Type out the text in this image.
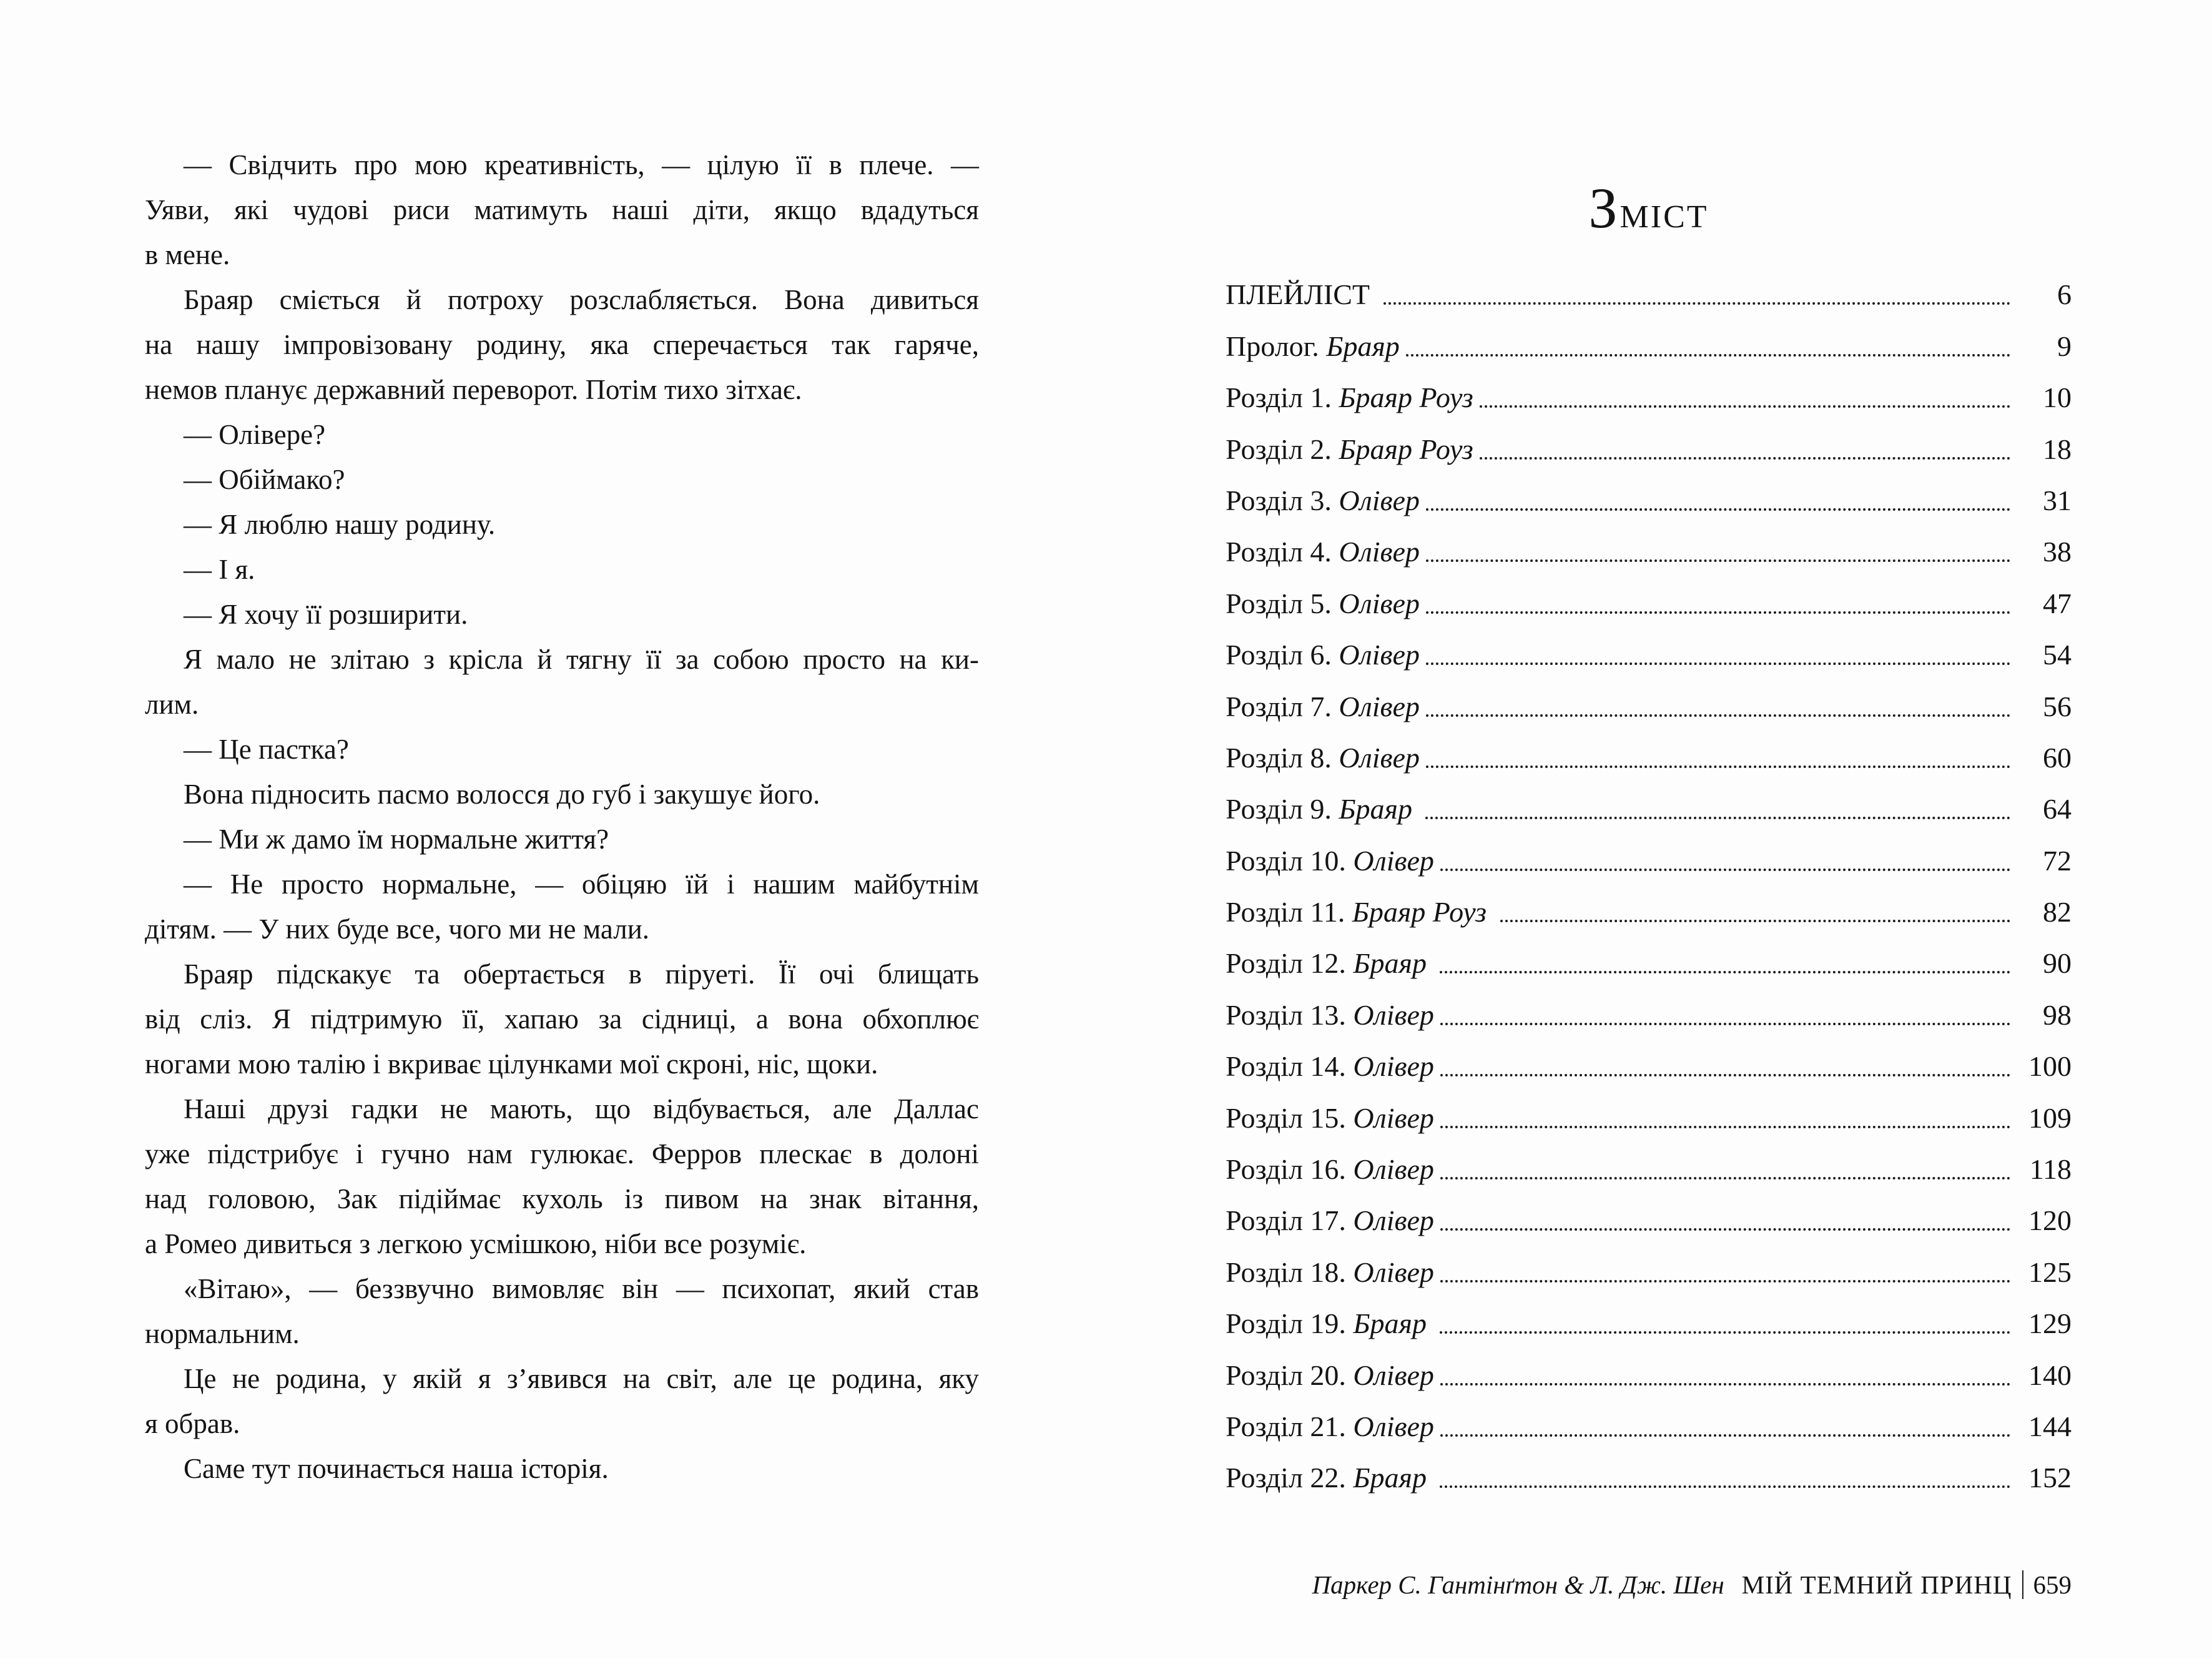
— Свідчить про мою креативність, — цілую її в плече. —
Уяви, які чудові риси матимуть наші діти, якщо вдадуться
в мене.
Браяр сміється й потроху розслабляється. Вона дивиться
на нашу імпровізовану родину, яка сперечається так гаряче,
немов планує державний переворот. Потім тихо зітхає.
— Олівере?
— Обіймако?
— Я люблю нашу родину.
— І я.
— Я хочу її розширити.
Я мало не злітаю з крісла й тягну її за собою просто на ки-
лим.
— Це пастка?
Вона підносить пасмо волосся до губ і закушує його.
— Ми ж дамо їм нормальне життя?
— Не просто нормальне, — обіцяю їй і нашим майбутнім
дітям. — У них буде все, чого ми не мали.
Браяр підскакує та обертається в піруеті. Її очі блищать
від сліз. Я підтримую її, хапаю за сідниці, а вона обхоплює
ногами мою талію і вкриває цілунками мої скроні, ніс, щоки.
Наші друзі гадки не мають, що відбувається, але Даллас
уже підстрибує і гучно нам гулюкає. Ферров плескає в долоні
над головою, Зак підіймає кухоль із пивом на знак вітання,
а Ромео дивиться з легкою усмішкою, ніби все розуміє.
«Вітаю», — беззвучно вимовляє він — психопат, який став
нормальним.
Це не родина, у якій я з’явився на світ, але це родина, яку
я обрав.
Саме тут починається наша історія.
ЗМІСТ
ПЛЕЙЛІСТ	6
Пролог. Браяр	9
Розділ 1. Браяр Роуз	10
Розділ 2. Браяр Роуз	18
Розділ 3. Олівер	31
Розділ 4. Олівер	38
Розділ 5. Олівер	47
Розділ 6. Олівер	54
Розділ 7. Олівер	56
Розділ 8. Олівер	60
Розділ 9. Браяр	64
Розділ 10. Олівер	72
Розділ 11. Браяр Роуз	82
Розділ 12. Браяр	90
Розділ 13. Олівер	98
Розділ 14. Олівер	100
Розділ 15. Олівер	109
Розділ 16. Олівер	118
Розділ 17. Олівер	120
Розділ 18. Олівер	125
Розділ 19. Браяр	129
Розділ 20. Олівер	140
Розділ 21. Олівер	144
Розділ 22. Браяр	152
Паркер С. Гантінґтон & Л. Дж. Шен МІЙ ТЕМНИЙ ПРИНЦ 659
